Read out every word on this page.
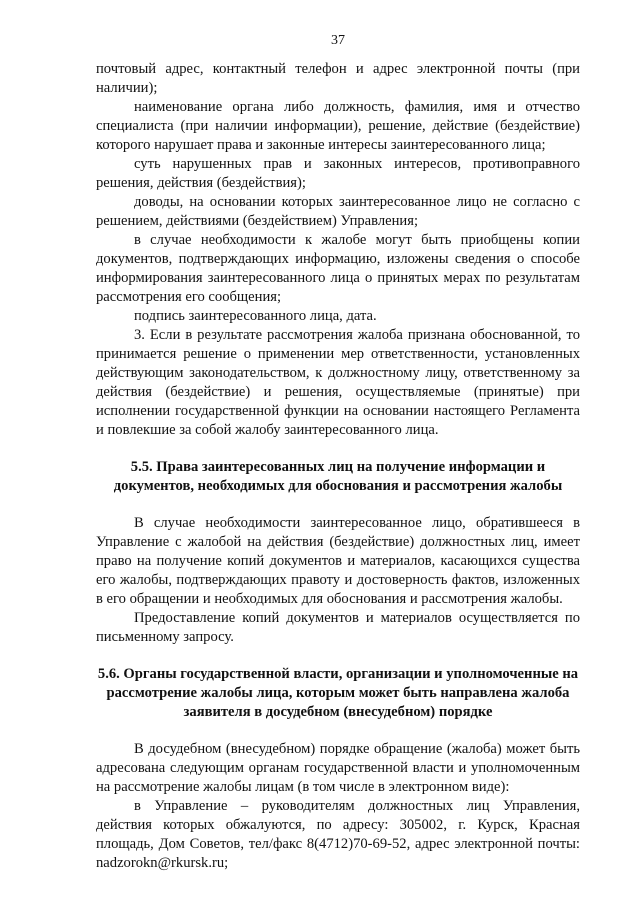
37

почтовый адрес, контактный телефон и адрес электронной почты (при наличии);

наименование органа либо должность, фамилия, имя и отчество специалиста (при наличии информации), решение, действие (бездействие) которого нарушает права и законные интересы заинтересованного лица;

суть нарушенных прав и законных интересов, противоправного решения, действия (бездействия);

доводы, на основании которых заинтересованное лицо не согласно с решением, действиями (бездействием) Управления;

в случае необходимости к жалобе могут быть приобщены копии документов, подтверждающих информацию, изложены сведения о способе информирования заинтересованного лица о принятых мерах по результатам рассмотрения его сообщения;

подпись заинтересованного лица, дата.

3. Если в результате рассмотрения жалоба признана обоснованной, то принимается решение о применении мер ответственности, установленных действующим законодательством, к должностному лицу, ответственному за действия (бездействие) и решения, осуществляемые (принятые) при исполнении государственной функции на основании настоящего Регламента и повлекшие за собой жалобу заинтересованного лица.

5.5. Права заинтересованных лиц на получение информации и документов, необходимых для обоснования и рассмотрения жалобы

В случае необходимости заинтересованное лицо, обратившееся в Управление с жалобой на действия (бездействие) должностных лиц, имеет право на получение копий документов и материалов, касающихся существа его жалобы, подтверждающих правоту и достоверность фактов, изложенных в его обращении и необходимых для обоснования и рассмотрения жалобы.

Предоставление копий документов и материалов осуществляется по письменному запросу.

5.6. Органы государственной власти, организации и уполномоченные на рассмотрение жалобы лица, которым может быть направлена жалоба заявителя в досудебном (внесудебном) порядке

В досудебном (внесудебном) порядке обращение (жалоба) может быть адресована следующим органам государственной власти и уполномоченным на рассмотрение жалобы лицам (в том числе в электронном виде):

в Управление – руководителям должностных лиц Управления, действия которых обжалуются, по адресу: 305002, г. Курск, Красная площадь, Дом Советов, тел/факс 8(4712)70-69-52, адрес электронной почты: nadzorokn@rkursk.ru;
